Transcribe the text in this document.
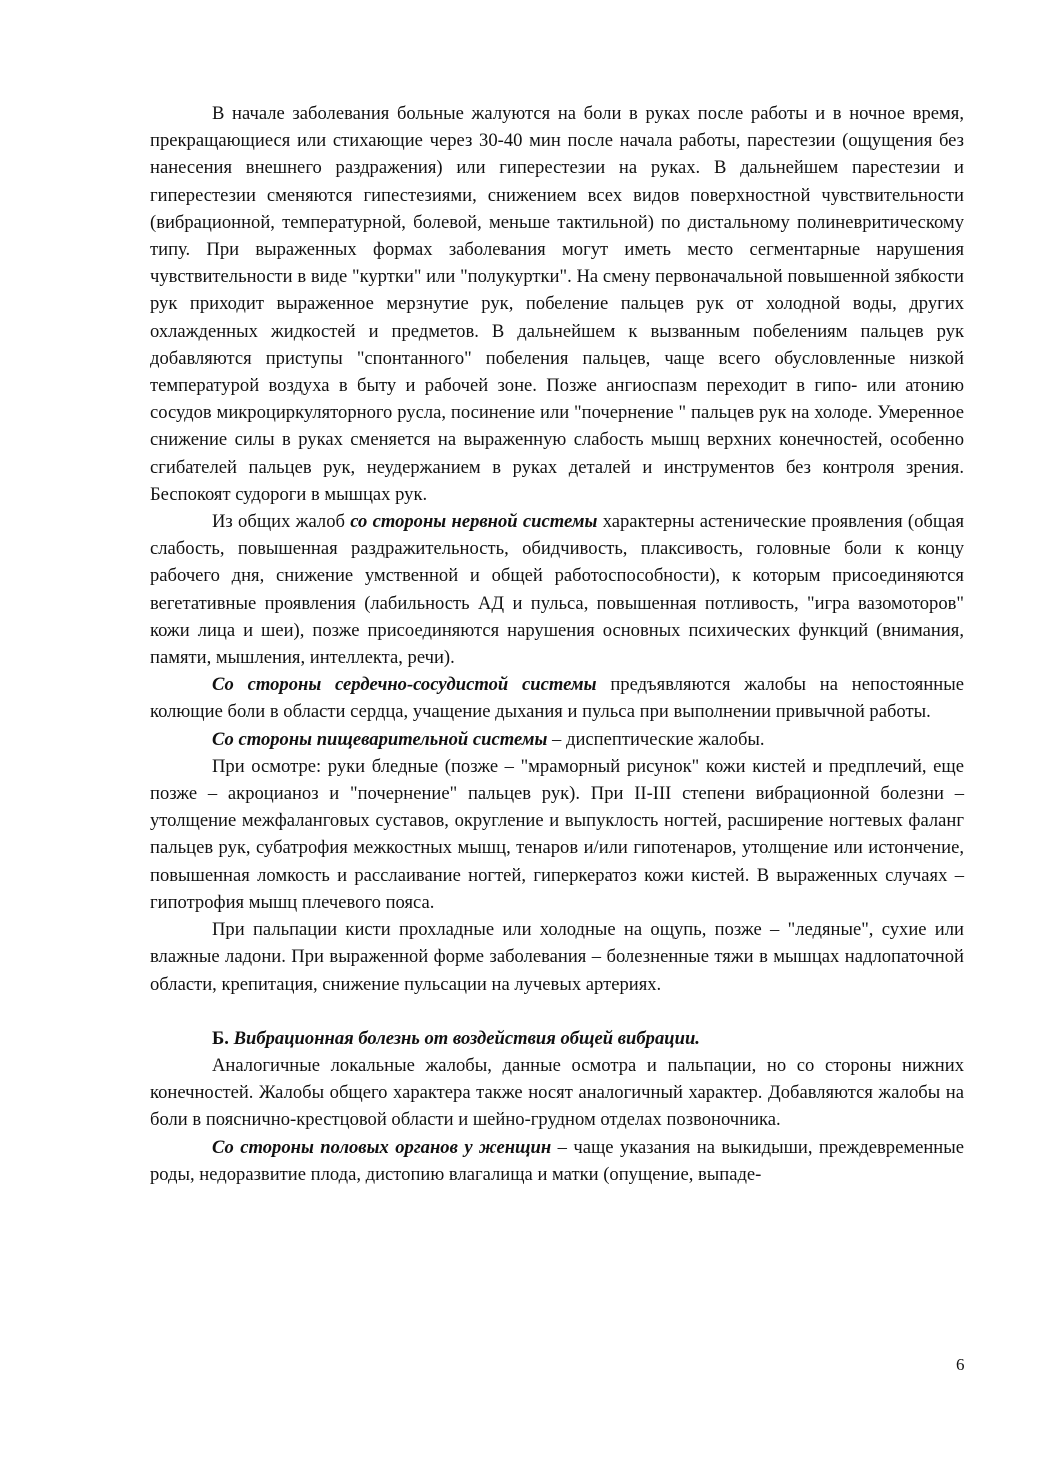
В начале заболевания больные жалуются на боли в руках после работы и в ночное время, прекращающиеся или стихающие через 30-40 мин после начала работы, парестезии (ощущения без нанесения внешнего раздражения) или гиперестезии на руках. В дальнейшем парестезии и гиперестезии сменяются гипестезиями, снижением всех видов поверхностной чувствительности (вибрационной, температурной, болевой, меньше тактильной) по дистальному полиневритическому типу. При выраженных формах заболевания могут иметь место сегментарные нарушения чувствительности в виде "куртки" или "полукуртки". На смену первоначальной повышенной зябкости рук приходит выраженное мерзнутие рук, побеление пальцев рук от холодной воды, других охлажденных жидкостей и предметов. В дальнейшем к вызванным побелениям пальцев рук добавляются приступы "спонтанного" побеления пальцев, чаще всего обусловленные низкой температурой воздуха в быту и рабочей зоне. Позже ангиоспазм переходит в гипо- или атонию сосудов микроциркуляторного русла, посинение или "почернение " пальцев рук на холоде. Умеренное снижение силы в руках сменяется на выраженную слабость мышц верхних конечностей, особенно сгибателей пальцев рук, неудержанием в руках деталей и инструментов без контроля зрения. Беспокоят судороги в мышцах рук.

Из общих жалоб со стороны нервной системы характерны астенические проявления (общая слабость, повышенная раздражительность, обидчивость, плаксивость, головные боли к концу рабочего дня, снижение умственной и общей работоспособности), к которым присоединяются вегетативные проявления (лабильность АД и пульса, повышенная потливость, "игра вазомоторов" кожи лица и шеи), позже присоединяются нарушения основных психических функций (внимания, памяти, мышления, интеллекта, речи).

Со стороны сердечно-сосудистой системы предъявляются жалобы на непостоянные колющие боли в области сердца, учащение дыхания и пульса при выполнении привычной работы.

Со стороны пищеварительной системы – диспептические жалобы.

При осмотре: руки бледные (позже – "мраморный рисунок" кожи кистей и предплечий, еще позже – акроцианоз и "почернение" пальцев рук). При II-III степени вибрационной болезни – утолщение межфаланговых суставов, округление и выпуклость ногтей, расширение ногтевых фаланг пальцев рук, субатрофия межкостных мышц, тенаров и/или гипотенаров, утолщение или истончение, повышенная ломкость и расслаивание ногтей, гиперкератоз кожи кистей. В выраженных случаях – гипотрофия мышц плечевого пояса.

При пальпации кисти прохладные или холодные на ощупь, позже – "ледяные", сухие или влажные ладони. При выраженной форме заболевания – болезненные тяжи в мышцах надлопаточной области, крепитация, снижение пульсации на лучевых артериях.

Б. Вибрационная болезнь от воздействия общей вибрации.

Аналогичные локальные жалобы, данные осмотра и пальпации, но со стороны нижних конечностей. Жалобы общего характера также носят аналогичный характер. Добавляются жалобы на боли в пояснично-крестцовой области и шейно-грудном отделах позвоночника.

Со стороны половых органов у женщин – чаще указания на выкидыши, преждевременные роды, недоразвитие плода, дистопию влагалища и матки (опущение, выпаде-

6
